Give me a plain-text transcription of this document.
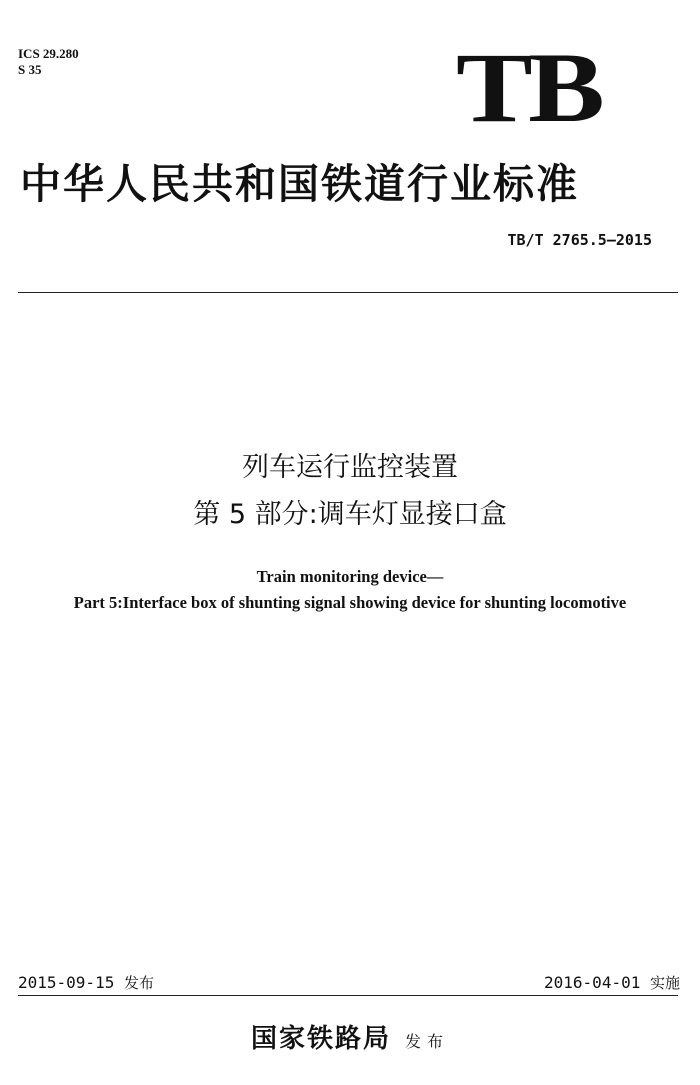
ICS 29.280
S 35	TB
中华人民共和国铁道行业标准
TB/T 2765.5—2015
列车运行监控装置
第 5 部分:调车灯显接口盒
Train monitoring device—
Part 5:Interface box of shunting signal showing device for shunting locomotive
2015-09-15 发布	2016-04-01 实施
国家铁路局 发布
